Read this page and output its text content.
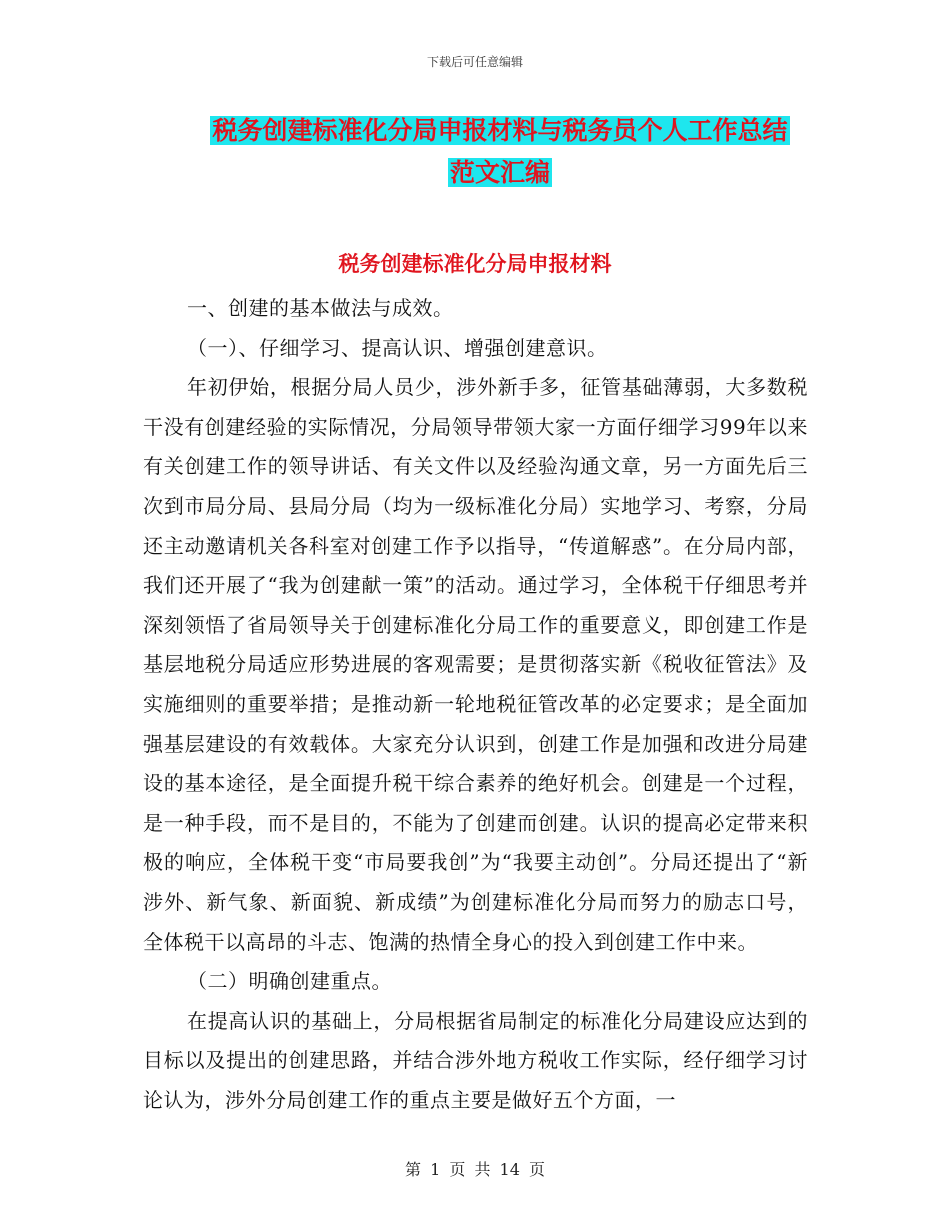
下载后可任意编辑
税务创建标准化分局申报材料与税务员个人工作总结
范文汇编
税务创建标准化分局申报材料

一、创建的基本做法与成效。

（一）、仔细学习、提高认识、增强创建意识。

年初伊始，根据分局人员少，涉外新手多，征管基础薄弱，大多数税干没有创建经验的实际情况，分局领导带领大家一方面仔细学习99年以来有关创建工作的领导讲话、有关文件以及经验沟通文章，另一方面先后三次到市局分局、县局分局（均为一级标准化分局）实地学习、考察，分局还主动邀请机关各科室对创建工作予以指导，“传道解惑”。在分局内部，我们还开展了“我为创建献一策”的活动。通过学习，全体税干仔细思考并深刻领悟了省局领导关于创建标准化分局工作的重要意义，即创建工作是基层地税分局适应形势进展的客观需要；是贯彻落实新《税收征管法》及实施细则的重要举措；是推动新一轮地税征管改革的必定要求；是全面加强基层建设的有效载体。大家充分认识到，创建工作是加强和改进分局建设的基本途径，是全面提升税干综合素养的绝好机会。创建是一个过程，是一种手段，而不是目的，不能为了创建而创建。认识的提高必定带来积极的响应，全体税干变“市局要我创”为“我要主动创”。分局还提出了“新涉外、新气象、新面貌、新成绩”为创建标准化分局而努力的励志口号，全体税干以高昂的斗志、饱满的热情全身心的投入到创建工作中来。

（二）明确创建重点。

在提高认识的基础上，分局根据省局制定的标准化分局建设应达到的目标以及提出的创建思路，并结合涉外地方税收工作实际，经仔细学习讨论认为，涉外分局创建工作的重点主要是做好五个方面，一

第 1 页 共 14 页
